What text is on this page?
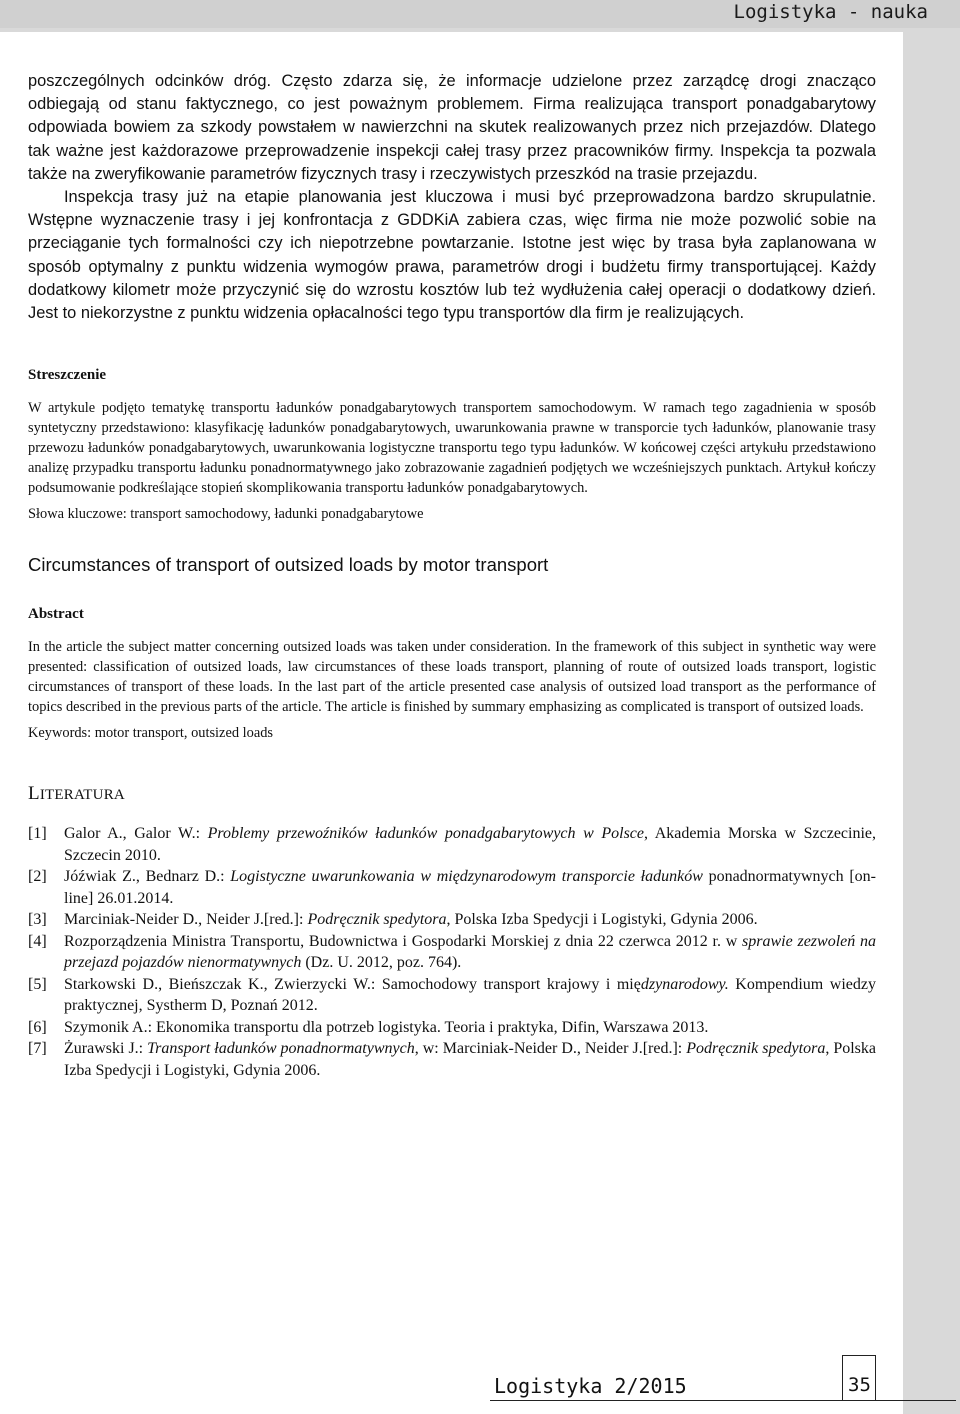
Logistyka - nauka

poszczególnych odcinków dróg. Często zdarza się, że informacje udzielone przez zarządcę drogi znacząco odbiegają od stanu faktycznego, co jest poważnym problemem. Firma realizująca transport ponadgabarytowy odpowiada bowiem za szkody powstałem w nawierzchni na skutek realizowanych przez nich przejazdów. Dlatego tak ważne jest każdorazowe przeprowadzenie inspekcji całej trasy przez pracowników firmy. Inspekcja ta pozwala także na zweryfikowanie parametrów fizycznych trasy i rzeczywistych przeszkód na trasie przejazdu.

Inspekcja trasy już na etapie planowania jest kluczowa i musi być przeprowadzona bardzo skrupulatnie. Wstępne wyznaczenie trasy i jej konfrontacja z GDDKiA zabiera czas, więc firma nie może pozwolić sobie na przeciąganie tych formalności czy ich niepotrzebne powtarzanie. Istotne jest więc by trasa była zaplanowana w sposób optymalny z punktu widzenia wymogów prawa, parametrów drogi i budżetu firmy transportującej. Każdy dodatkowy kilometr może przyczynić się do wzrostu kosztów lub też wydłużenia całej operacji o dodatkowy dzień. Jest to niekorzystne z punktu widzenia opłacalności tego typu transportów dla firm je realizujących.

Streszczenie

W artykule podjęto tematykę transportu ładunków ponadgabarytowych transportem samochodowym. W ramach tego zagadnienia w sposób syntetyczny przedstawiono: klasyfikację ładunków ponadgabarytowych, uwarunkowania prawne w transporcie tych ładunków, planowanie trasy przewozu ładunków ponadgabarytowych, uwarunkowania logistyczne transportu tego typu ładunków. W końcowej części artykułu przedstawiono analizę przypadku transportu ładunku ponadnormatywnego jako zobrazowanie zagadnień podjętych we wcześniejszych punktach. Artykuł kończy podsumowanie podkreślające stopień skomplikowania transportu ładunków ponadgabarytowych.

Słowa kluczowe: transport samochodowy, ładunki ponadgabarytowe

Circumstances of transport of outsized loads by motor transport

Abstract

In the article the subject matter concerning outsized loads was taken under consideration. In the framework of this subject in synthetic way were presented: classification of outsized loads, law circumstances of these loads transport, planning of route of outsized loads transport, logistic circumstances of transport of these loads. In the last part of the article presented case analysis of outsized load transport as the performance of topics described in the previous parts of the article. The article is finished by summary emphasizing as complicated is transport of outsized loads.

Keywords: motor transport, outsized loads

LITERATURA

[1]	Galor A., Galor W.: Problemy przewoźników ładunków ponadgabarytowych w Polsce, Akademia Morska w Szczecinie, Szczecin 2010.
[2]	Jóźwiak Z., Bednarz D.: Logistyczne uwarunkowania w międzynarodowym transporcie ładunków ponadnormatywnych [on-line] 26.01.2014.
[3]	Marciniak-Neider D., Neider J.[red.]: Podręcznik spedytora, Polska Izba Spedycji i Logistyki, Gdynia 2006.
[4]	Rozporządzenia Ministra Transportu, Budownictwa i Gospodarki Morskiej z dnia 22 czerwca 2012 r. w sprawie zezwoleń na przejazd pojazdów nienormatywnych (Dz. U. 2012, poz. 764).
[5]	Starkowski D., Bieńszczak K., Zwierzycki W.: Samochodowy transport krajowy i międzynarodowy. Kompendium wiedzy praktycznej, Systherm D, Poznań 2012.
[6]	Szymonik A.: Ekonomika transportu dla potrzeb logistyka. Teoria i praktyka, Difin, Warszawa 2013.
[7]	Żurawski J.: Transport ładunków ponadnormatywnych, w: Marciniak-Neider D., Neider J.[red.]: Podręcznik spedytora, Polska Izba Spedycji i Logistyki, Gdynia 2006.
Logistyka 2/2015	35
